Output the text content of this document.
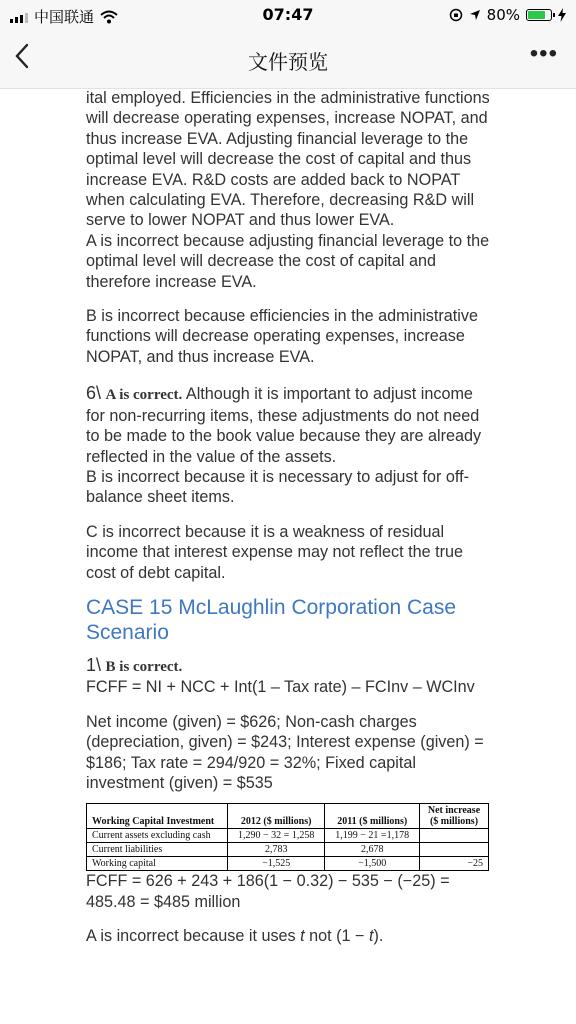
中国联通	07:47	80%
文件预览	•••

ital employed. Efficiencies in the administrative functions will decrease operating expenses, increase NOPAT, and thus increase EVA. Adjusting financial leverage to the optimal level will decrease the cost of capital and thus increase EVA. R&D costs are added back to NOPAT when calculating EVA. Therefore, decreasing R&D will serve to lower NOPAT and thus lower EVA.

A is incorrect because adjusting financial leverage to the optimal level will decrease the cost of capital and therefore increase EVA.

B is incorrect because efficiencies in the administrative functions will decrease operating expenses, increase NOPAT, and thus increase EVA.

6\ A is correct. Although it is important to adjust income for non-recurring items, these adjustments do not need to be made to the book value because they are already reflected in the value of the assets.

B is incorrect because it is necessary to adjust for off-balance sheet items.

C is incorrect because it is a weakness of residual income that interest expense may not reflect the true cost of debt capital.

CASE 15 McLaughlin Corporation Case Scenario

1\ B is correct.

FCFF = NI + NCC + Int(1 – Tax rate) – FCInv – WCInv

Net income (given) = $626; Non-cash charges (depreciation, given) = $243; Interest expense (given) = $186; Tax rate = 294/920 = 32%; Fixed capital investment (given) = $535

Working Capital Investment	2012 ($ millions)	2011 ($ millions)	Net increase ($ millions)
Current assets excluding cash	1,290 − 32 = 1,258	1,199 − 21 =1,178	
Current liabilities	2,783	2,678	
Working capital	−1,525	−1,500	−25

FCFF = 626 + 243 + 186(1 − 0.32) − 535 − (−25) = 485.48 = $485 million

A is incorrect because it uses t not (1 − t).
